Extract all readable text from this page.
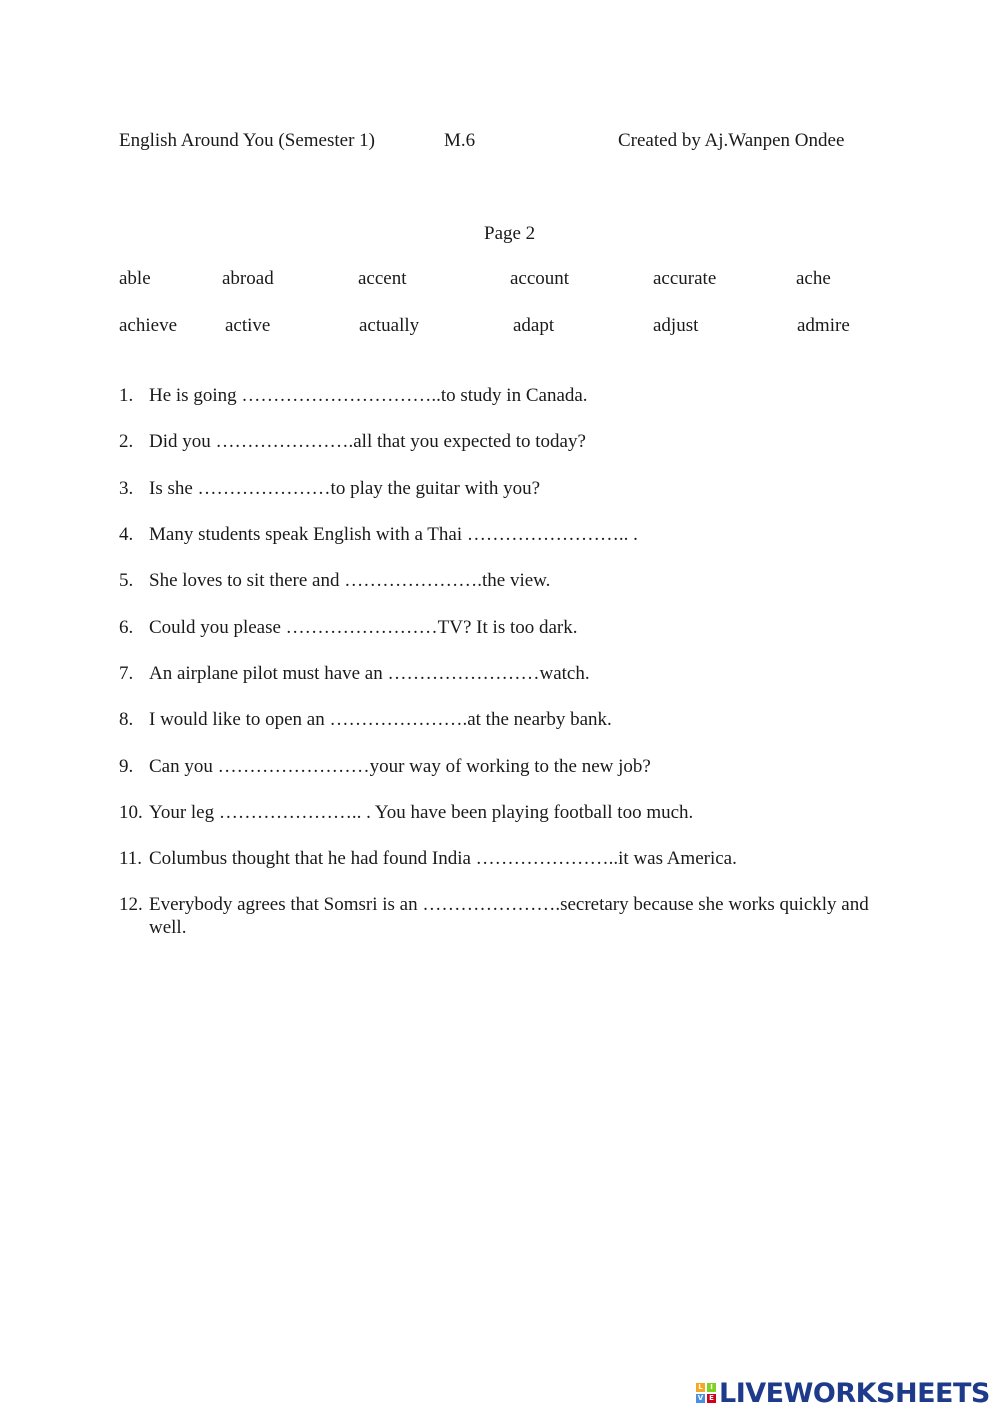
English Around You (Semester 1)	M.6	Created by Aj.Wanpen Ondee
Page 2
able	abroad	accent	account	accurate	ache
achieve	active	actually	adapt	adjust	admire
1. He is going …………………………..to study in Canada.
2. Did you ………………….all that you expected to today?
3. Is she …………………to play the guitar with you?
4. Many students speak English with a Thai …………………….. .
5. She loves to sit there and ………………….the view.
6. Could you please ……………………TV? It is too dark.
7. An airplane pilot must have an ……………………watch.
8. I would like to open an ………………….at the nearby bank.
9. Can you ……………………your way of working to the new job?
10. Your leg ………………….. . You have been playing football too much.
11. Columbus thought that he had found India …………………..it was America.
12. Everybody agrees that Somsri is an ………………….secretary because she works quickly and well.
L	I
V E LIVEWORKSHEETS
